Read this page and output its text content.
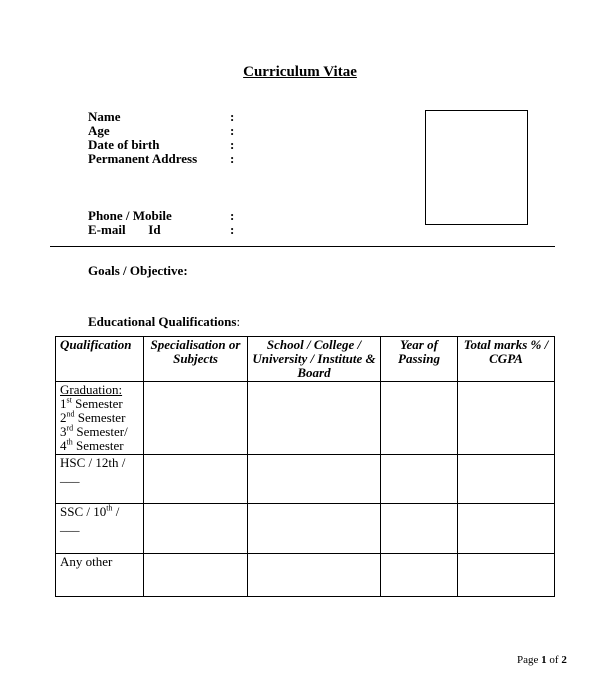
Curriculum Vitae
Name	:
Age	:
Date of birth	:
Permanent Address	:
Phone / Mobile	:
E-mail       Id	:
Goals / Objective:
Educational Qualifications:
Qualification	Specialisation or Subjects	School / College / University / Institute & Board	Year of Passing	Total marks % / CGPA

Graduation:
1st Semester
2nd Semester
3rd Semester/
4th Semester				

HSC / 12th /
___				

SSC / 10th /
___				

Any other				

Page 1 of 2
